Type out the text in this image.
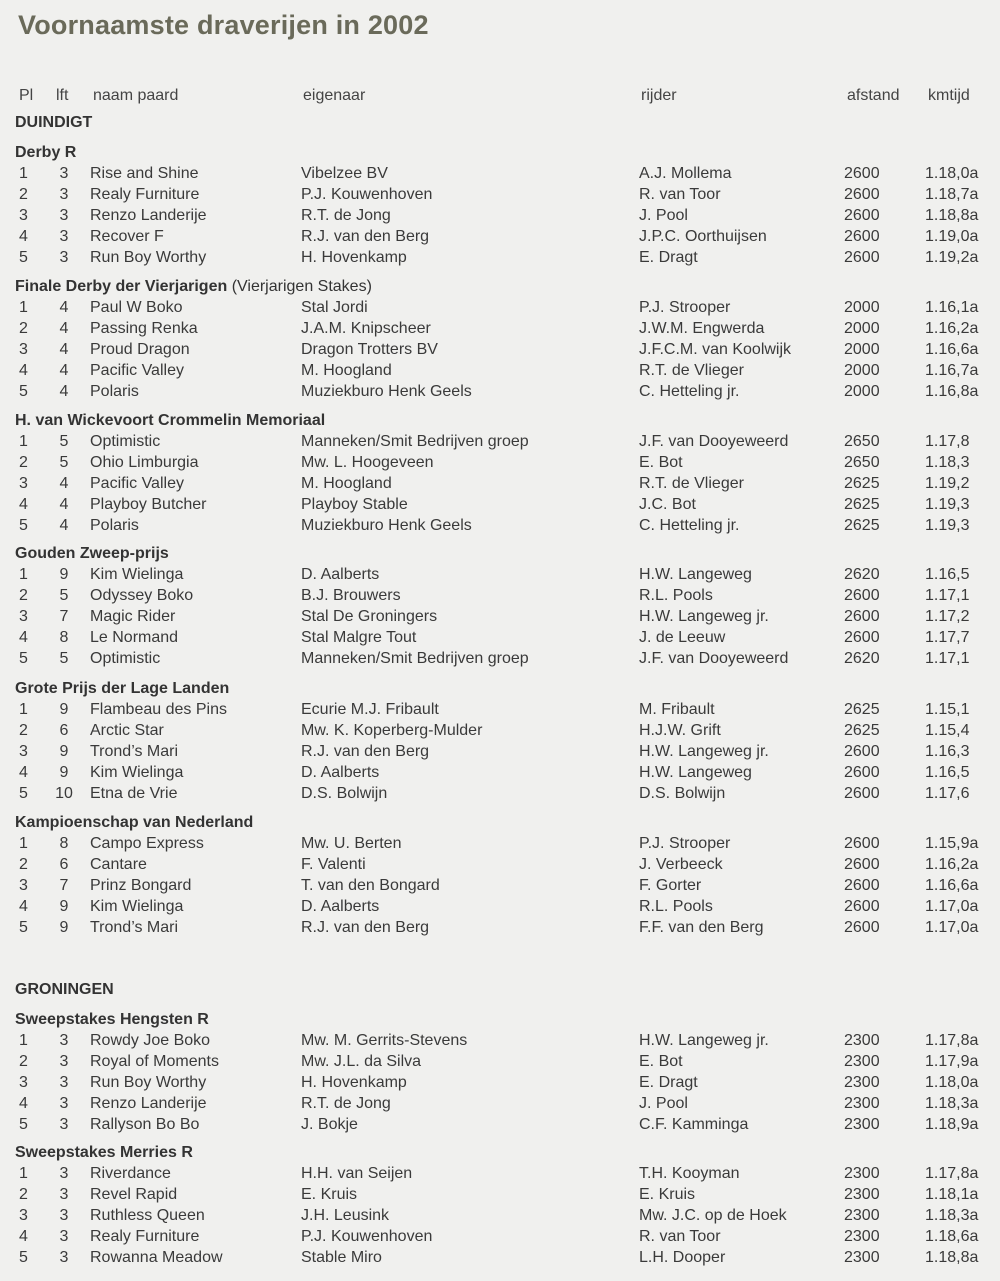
Voornaamste draverijen in 2002
Pl lft naam paard	eigenaar	rijder	afstand kmtijd
DUINDIGT
Derby R
1	3	Rise and Shine	Vibelzee BV	A.J. Mollema	2600	1.18,0a
2	3	Realy Furniture	P.J. Kouwenhoven	R. van Toor	2600	1.18,7a
3	3	Renzo Landerije	R.T. de Jong	J. Pool	2600	1.18,8a
4	3	Recover F	R.J. van den Berg	J.P.C. Oorthuijsen	2600	1.19,0a
5	3	Run Boy Worthy	H. Hovenkamp	E. Dragt	2600	1.19,2a
Finale Derby der Vierjarigen (Vierjarigen Stakes)
1	4	Paul W Boko	Stal Jordi	P.J. Strooper	2000	1.16,1a
2	4	Passing Renka	J.A.M. Knipscheer	J.W.M. Engwerda	2000	1.16,2a
3	4	Proud Dragon	Dragon Trotters BV	J.F.C.M. van Koolwijk	2000	1.16,6a
4	4	Pacific Valley	M. Hoogland	R.T. de Vlieger	2000	1.16,7a
5	4	Polaris	Muziekburo Henk Geels	C. Hetteling jr.	2000	1.16,8a
H. van Wickevoort Crommelin Memoriaal
1	5	Optimistic	Manneken/Smit Bedrijven groep	J.F. van Dooyeweerd	2650	1.17,8
2	5	Ohio Limburgia	Mw. L. Hoogeveen	E. Bot	2650	1.18,3
3	4	Pacific Valley	M. Hoogland	R.T. de Vlieger	2625	1.19,2
4	4	Playboy Butcher	Playboy Stable	J.C. Bot	2625	1.19,3
5	4	Polaris	Muziekburo Henk Geels	C. Hetteling jr.	2625	1.19,3
Gouden Zweep-prijs
1	9	Kim Wielinga	D. Aalberts	H.W. Langeweg	2620	1.16,5
2	5	Odyssey Boko	B.J. Brouwers	R.L. Pools	2600	1.17,1
3	7	Magic Rider	Stal De Groningers	H.W. Langeweg jr.	2600	1.17,2
4	8	Le Normand	Stal Malgre Tout	J. de Leeuw	2600	1.17,7
5	5	Optimistic	Manneken/Smit Bedrijven groep	J.F. van Dooyeweerd	2620	1.17,1
Grote Prijs der Lage Landen
1	9	Flambeau des Pins	Ecurie M.J. Fribault	M. Fribault	2625	1.15,1
2	6	Arctic Star	Mw. K. Koperberg-Mulder	H.J.W. Grift	2625	1.15,4
3	9	Trond’s Mari	R.J. van den Berg	H.W. Langeweg jr.	2600	1.16,3
4	9	Kim Wielinga	D. Aalberts	H.W. Langeweg	2600	1.16,5
5 10 Etna de Vrie	D.S. Bolwijn	D.S. Bolwijn	2600	1.17,6
Kampioenschap van Nederland
1	8	Campo Express	Mw. U. Berten	P.J. Strooper	2600	1.15,9a
2	6	Cantare	F. Valenti	J. Verbeeck	2600	1.16,2a
3	7	Prinz Bongard	T. van den Bongard	F. Gorter	2600	1.16,6a
4	9	Kim Wielinga	D. Aalberts	R.L. Pools	2600	1.17,0a
5	9	Trond’s Mari	R.J. van den Berg	F.F. van den Berg	2600	1.17,0a
GRONINGEN
Sweepstakes Hengsten R
1	3	Rowdy Joe Boko	Mw. M. Gerrits-Stevens	H.W. Langeweg jr.	2300	1.17,8a
2	3	Royal of Moments	Mw. J.L. da Silva	E. Bot	2300	1.17,9a
3	3	Run Boy Worthy	H. Hovenkamp	E. Dragt	2300	1.18,0a
4	3	Renzo Landerije	R.T. de Jong	J. Pool	2300	1.18,3a
5	3	Rallyson Bo Bo	J. Bokje	C.F. Kamminga	2300	1.18,9a
Sweepstakes Merries R
1	3	Riverdance	H.H. van Seijen	T.H. Kooyman	2300	1.17,8a
2	3	Revel Rapid	E. Kruis	E. Kruis	2300	1.18,1a
3	3	Ruthless Queen	J.H. Leusink	Mw. J.C. op de Hoek	2300	1.18,3a
4	3	Realy Furniture	P.J. Kouwenhoven	R. van Toor	2300	1.18,6a
5	3	Rowanna Meadow	Stable Miro	L.H. Dooper	2300	1.18,8a
